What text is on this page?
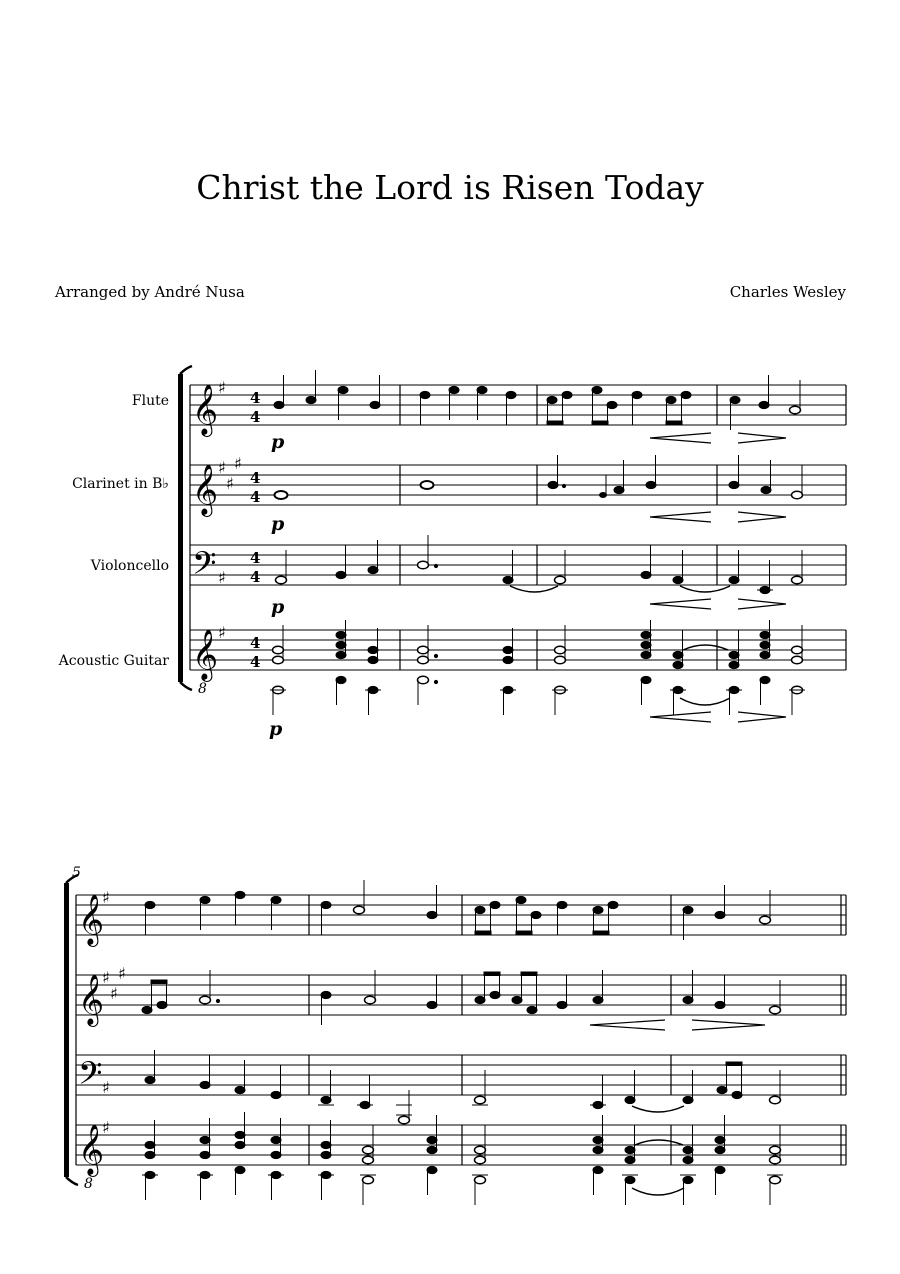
Christ the Lord is Risen Today
Arranged by André Nusa	Charles Wesley
Flute
Clarinet in B♭
Violoncello
Acoustic Guitar
𝄞
𝄞
𝄢
𝄞
8
♯
♯
♯
♯
♯
♯
4
4
4
4
4
4
4
4
p
p
p
p
5
𝄞
𝄞
𝄢
𝄞
8
♯
♯
♯
♯
♯
♯
